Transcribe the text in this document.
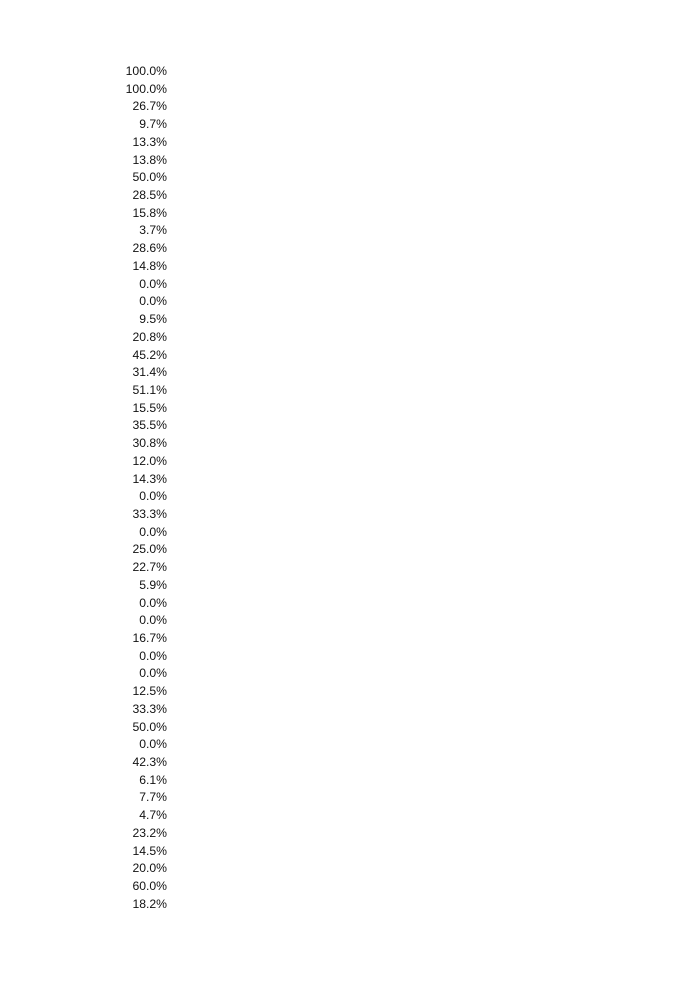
100.0%
100.0%
26.7%
9.7%
13.3%
13.8%
50.0%
28.5%
15.8%
3.7%
28.6%
14.8%
0.0%
0.0%
9.5%
20.8%
45.2%
31.4%
51.1%
15.5%
35.5%
30.8%
12.0%
14.3%
0.0%
33.3%
0.0%
25.0%
22.7%
5.9%
0.0%
0.0%
16.7%
0.0%
0.0%
12.5%
33.3%
50.0%
0.0%
42.3%
6.1%
7.7%
4.7%
23.2%
14.5%
20.0%
60.0%
18.2%
